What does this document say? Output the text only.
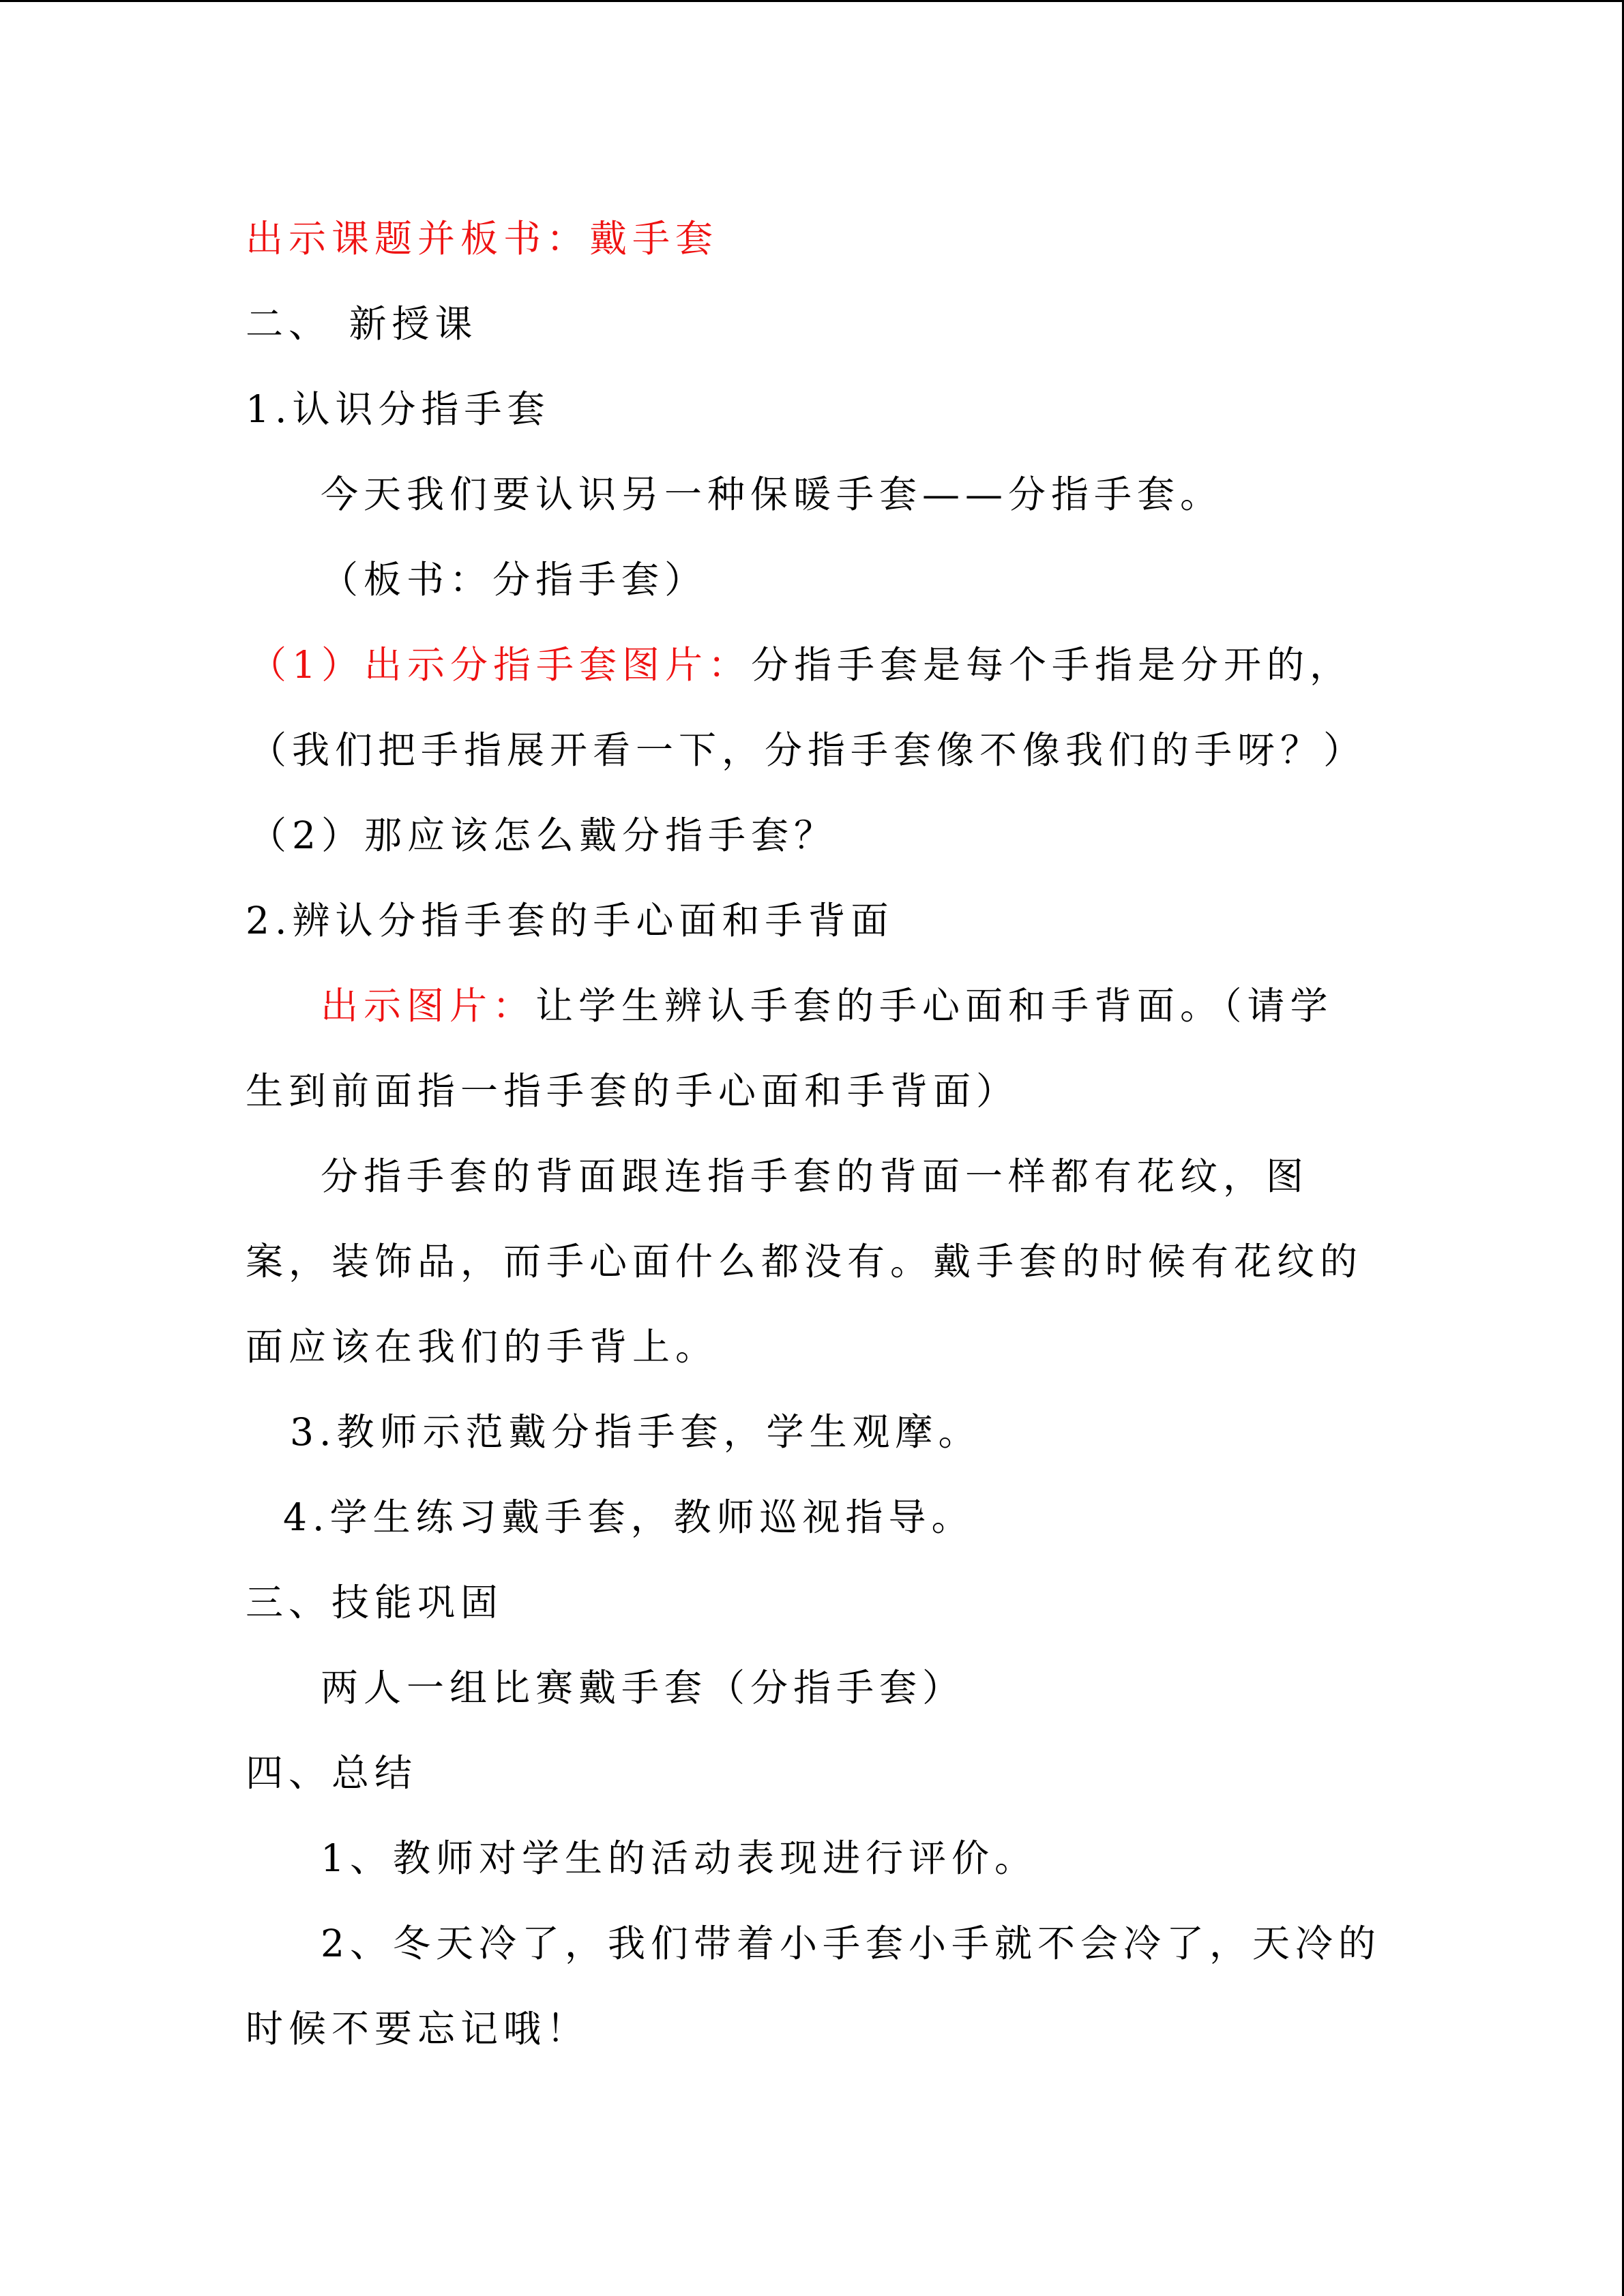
出示课题并板书：戴手套
二、 新授课
1.认识分指手套
今天我们要认识另一种保暖手套——分指手套。
（板书：分指手套）
（1）出示分指手套图片：分指手套是每个手指是分开的，
（我们把手指展开看一下，分指手套像不像我们的手呀？）
（2）那应该怎么戴分指手套？
2.辨认分指手套的手心面和手背面
出示图片：让学生辨认手套的手心面和手背面。（请学
生到前面指一指手套的手心面和手背面）
分指手套的背面跟连指手套的背面一样都有花纹，图
案，装饰品，而手心面什么都没有。戴手套的时候有花纹的
面应该在我们的手背上。
3.教师示范戴分指手套，学生观摩。
4.学生练习戴手套，教师巡视指导。
三、技能巩固
两人一组比赛戴手套（分指手套）
四、总结
1、教师对学生的活动表现进行评价。
2、冬天冷了，我们带着小手套小手就不会冷了，天冷的
时候不要忘记哦！
